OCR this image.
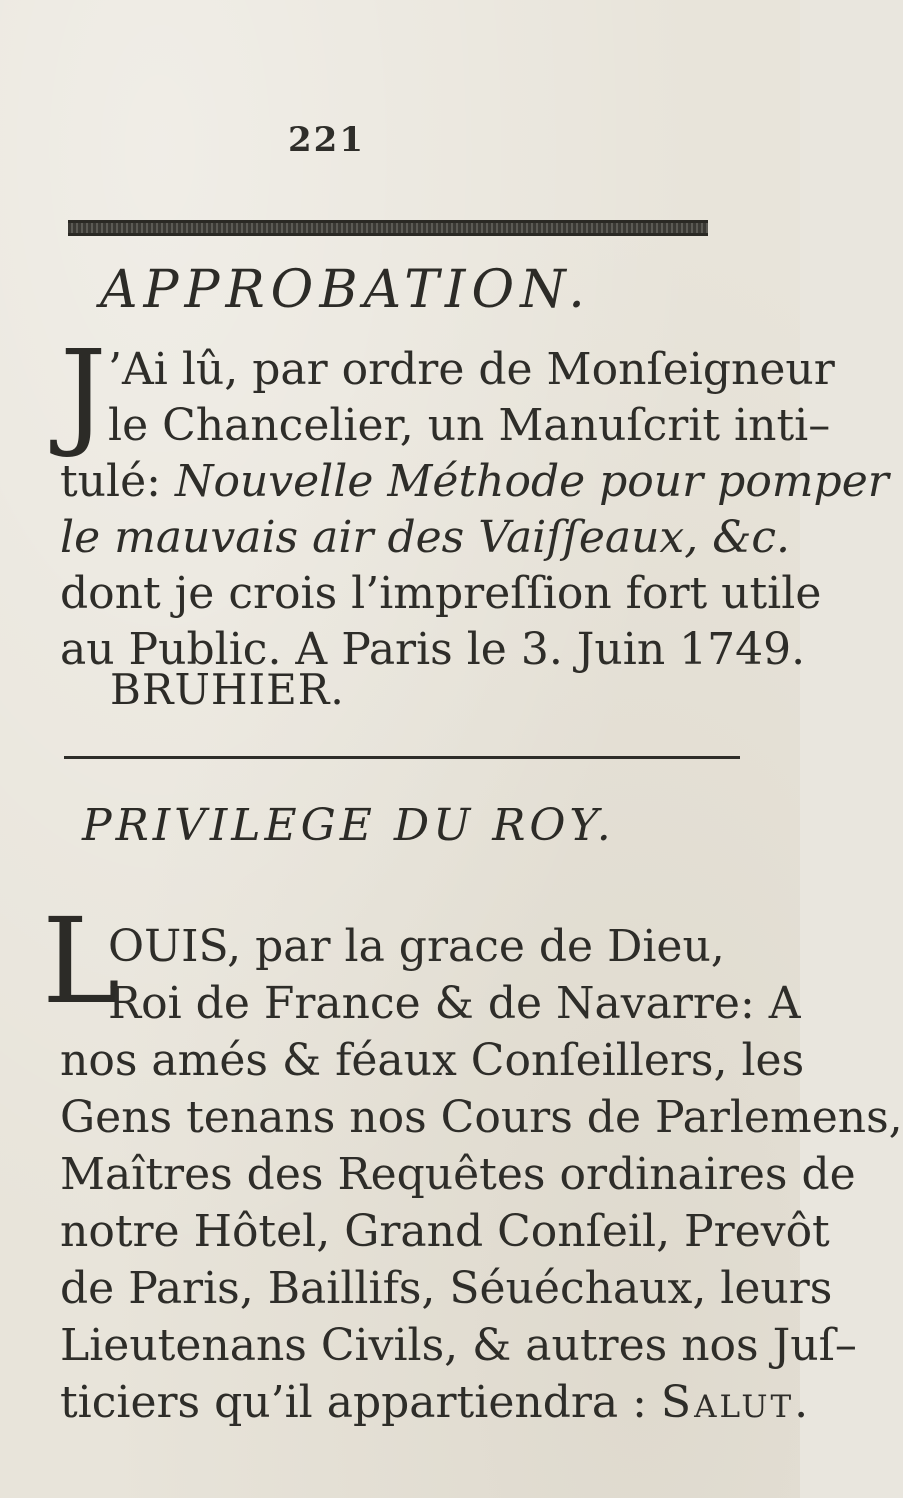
221
APPROBATION.
J ’Ai lû, par ordre de Monſeigneur
le Chancelier, un Manuſcrit inti–
tulé: Nouvelle Méthode pour pomper
le mauvais air des Vaiſſeaux, &c.
dont je crois l’impreſſion fort utile
au Public. A Paris le 3. Juin 1749.
BRUHIER.
PRIVILEGE DU ROY.
L
OUIS, par la grace de Dieu,
Roi de France & de Navarre: A
nos amés & féaux Conſeillers, les
Gens tenans nos Cours de Parlemens,
Maîtres des Requêtes ordinaires de
notre Hôtel, Grand Conſeil, Prevôt
de Paris, Baillifs, Séuéchaux, leurs
Lieutenans Civils, & autres nos Juſ–
ticiers qu’il appartiendra : Salut.
